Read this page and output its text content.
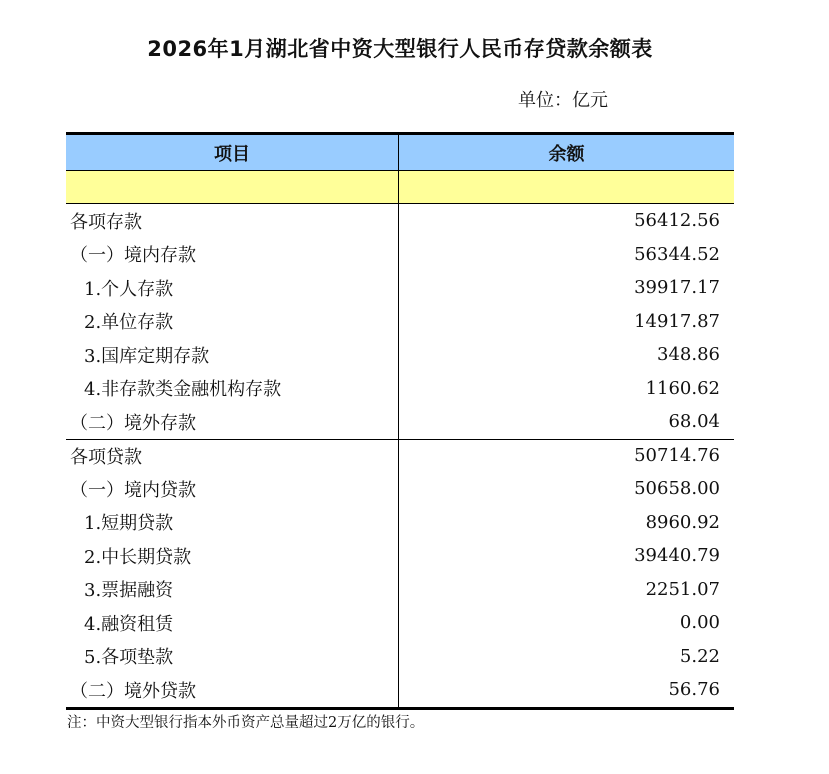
2026年1月湖北省中资大型银行人民币存贷款余额表
单位：亿元
项目	余额
各项存款	56412.56
（一）境内存款	56344.52
1.个人存款	39917.17
2.单位存款	14917.87
3.国库定期存款	348.86
4.非存款类金融机构存款	1160.62
（二）境外存款	68.04
各项贷款	50714.76
（一）境内贷款	50658.00
1.短期贷款	8960.92
2.中长期贷款	39440.79
3.票据融资	2251.07
4.融资租赁	0.00
5.各项垫款	5.22
（二）境外贷款	56.76
注：中资大型银行指本外币资产总量超过2万亿的银行。
